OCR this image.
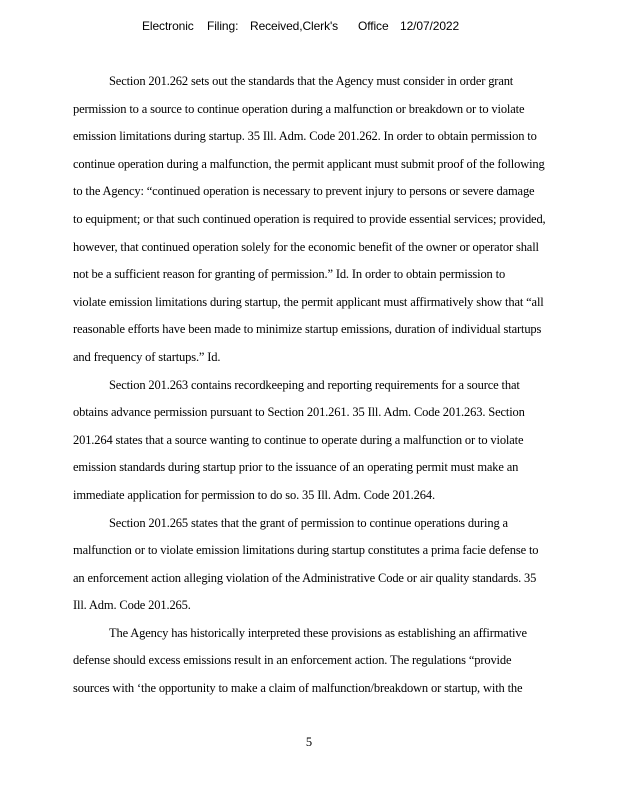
Electronic Filing: Received,Clerk's Office 12/07/2022
Section 201.262 sets out the standards that the Agency must consider in order grant
permission to a source to continue operation during a malfunction or breakdown or to violate
emission limitations during startup. 35 Ill. Adm. Code 201.262. In order to obtain permission to
continue operation during a malfunction, the permit applicant must submit proof of the following
to the Agency: “continued operation is necessary to prevent injury to persons or severe damage
to equipment; or that such continued operation is required to provide essential services; provided,
however, that continued operation solely for the economic benefit of the owner or operator shall
not be a sufficient reason for granting of permission.” Id. In order to obtain permission to
violate emission limitations during startup, the permit applicant must affirmatively show that “all
reasonable efforts have been made to minimize startup emissions, duration of individual startups
and frequency of startups.” Id.
Section 201.263 contains recordkeeping and reporting requirements for a source that
obtains advance permission pursuant to Section 201.261. 35 Ill. Adm. Code 201.263. Section
201.264 states that a source wanting to continue to operate during a malfunction or to violate
emission standards during startup prior to the issuance of an operating permit must make an
immediate application for permission to do so. 35 Ill. Adm. Code 201.264.
Section 201.265 states that the grant of permission to continue operations during a
malfunction or to violate emission limitations during startup constitutes a prima facie defense to
an enforcement action alleging violation of the Administrative Code or air quality standards. 35
Ill. Adm. Code 201.265.
The Agency has historically interpreted these provisions as establishing an affirmative
defense should excess emissions result in an enforcement action. The regulations “provide
sources with ‘the opportunity to make a claim of malfunction/breakdown or startup, with the
5
